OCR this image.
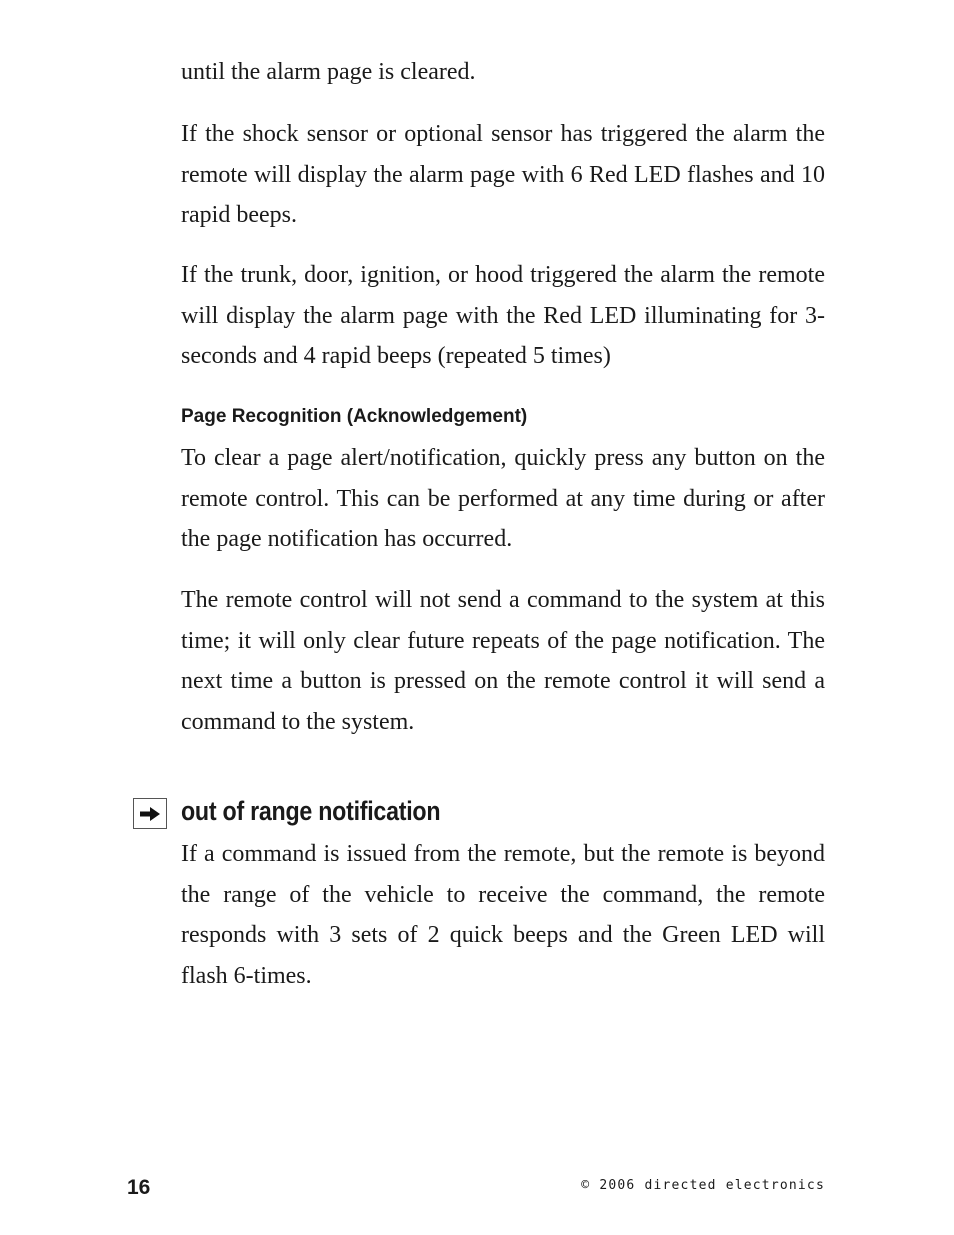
until the alarm page is cleared.

If the shock sensor or optional sensor has triggered the alarm the remote will display the alarm page with 6 Red LED flashes and 10 rapid beeps.

If the trunk, door, ignition, or hood triggered the alarm the remote will display the alarm page with the Red LED illuminating for 3-seconds and 4 rapid beeps (repeated 5 times)

Page Recognition (Acknowledgement)

To clear a page alert/notification, quickly press any button on the remote control. This can be performed at any time during or after the page notification has occurred.

The remote control will not send a command to the system at this time; it will only clear future repeats of the page notification. The next time a button is pressed on the remote control it will send a command to the system.

out of range notification

If a command is issued from the remote, but the remote is beyond the range of the vehicle to receive the command, the remote responds with 3 sets of 2 quick beeps and the Green LED will flash 6-times.

16	© 2006 directed electronics
